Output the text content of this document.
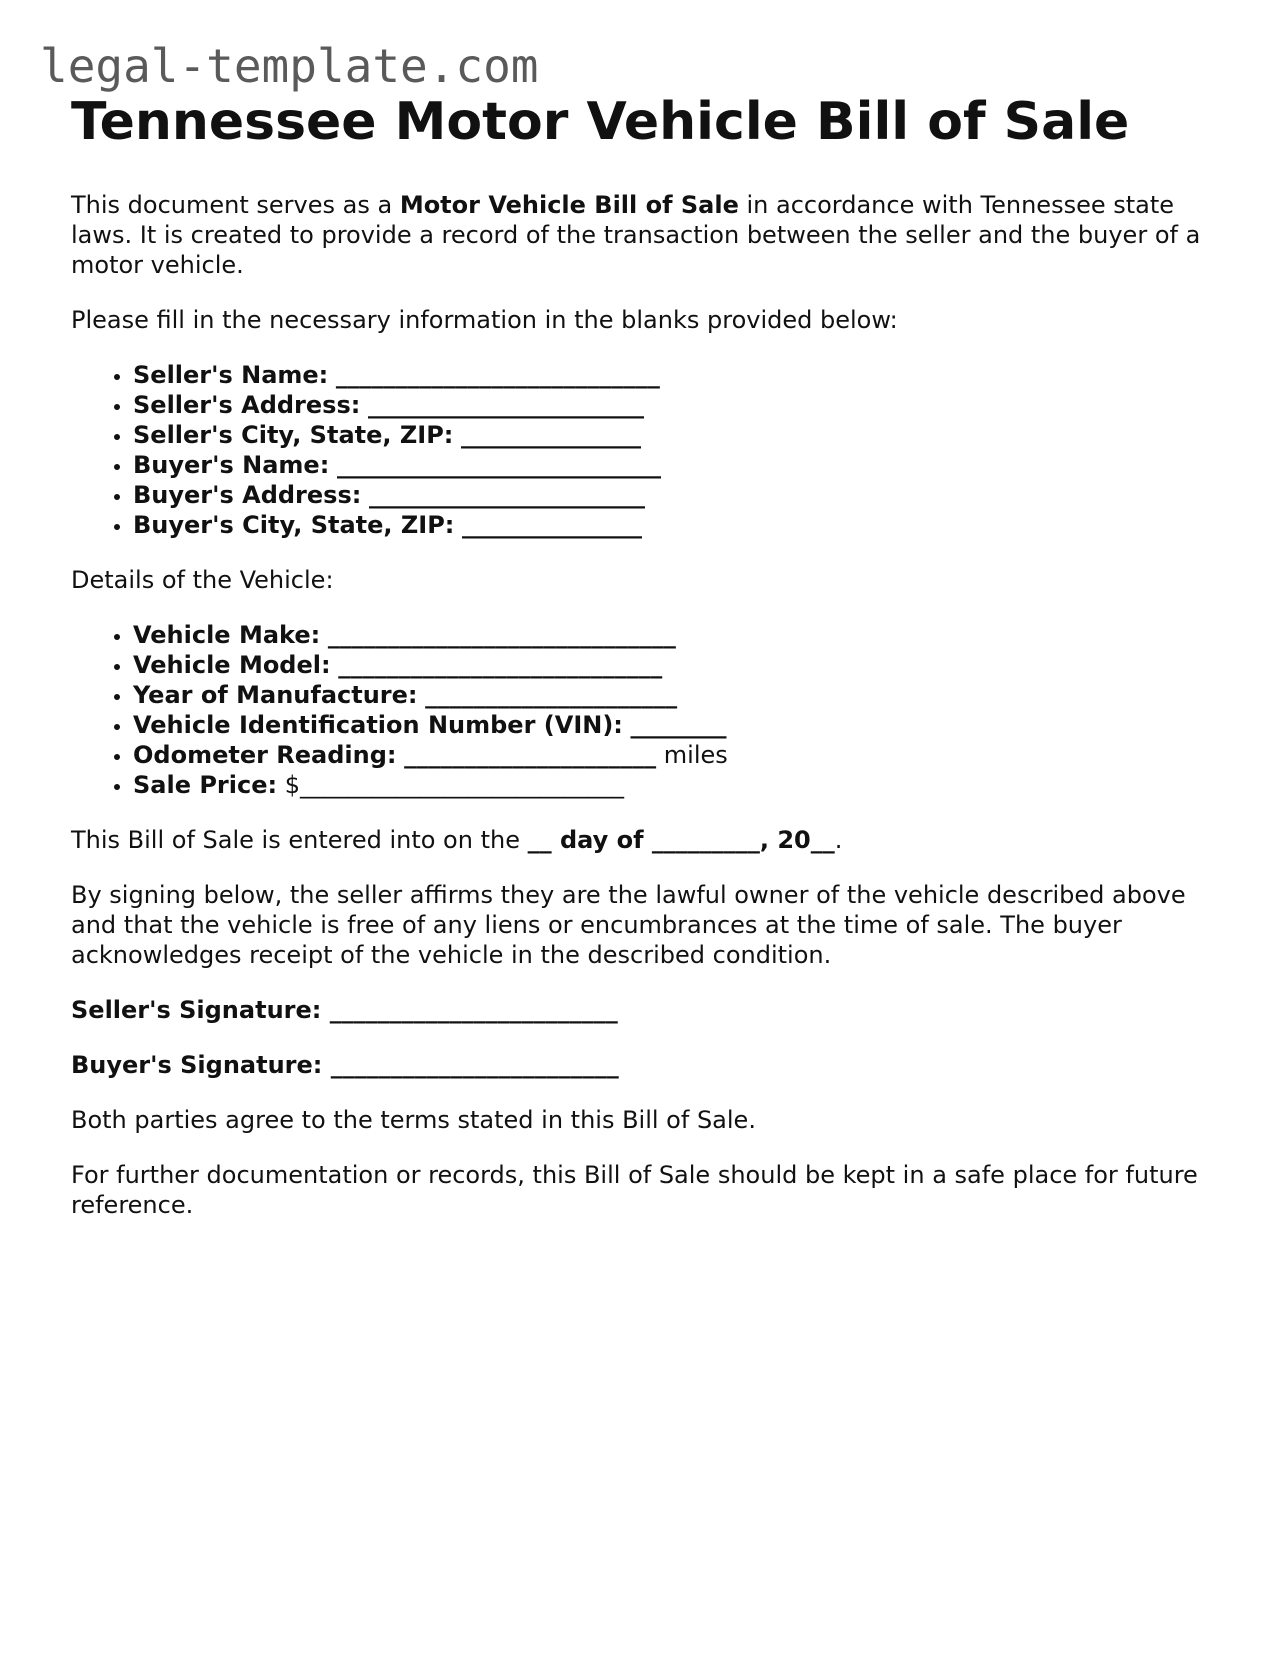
legal-template.com
Tennessee Motor Vehicle Bill of Sale

This document serves as a Motor Vehicle Bill of Sale in accordance with Tennessee state laws. It is created to provide a record of the transaction between the seller and the buyer of a motor vehicle.

Please fill in the necessary information in the blanks provided below:

• Seller's Name: ___________________________
• Seller's Address: _______________________
• Seller's City, State, ZIP: _______________
• Buyer's Name: ___________________________
• Buyer's Address: _______________________
• Buyer's City, State, ZIP: _______________

Details of the Vehicle:

• Vehicle Make: _____________________________
• Vehicle Model: ___________________________
• Year of Manufacture: _____________________
• Vehicle Identification Number (VIN): ________
• Odometer Reading: _____________________ miles
• Sale Price: $___________________________

This Bill of Sale is entered into on the __ day of _________, 20__.

By signing below, the seller affirms they are the lawful owner of the vehicle described above and that the vehicle is free of any liens or encumbrances at the time of sale. The buyer acknowledges receipt of the vehicle in the described condition.

Seller's Signature: ________________________

Buyer's Signature: ________________________

Both parties agree to the terms stated in this Bill of Sale.

For further documentation or records, this Bill of Sale should be kept in a safe place for future reference.
